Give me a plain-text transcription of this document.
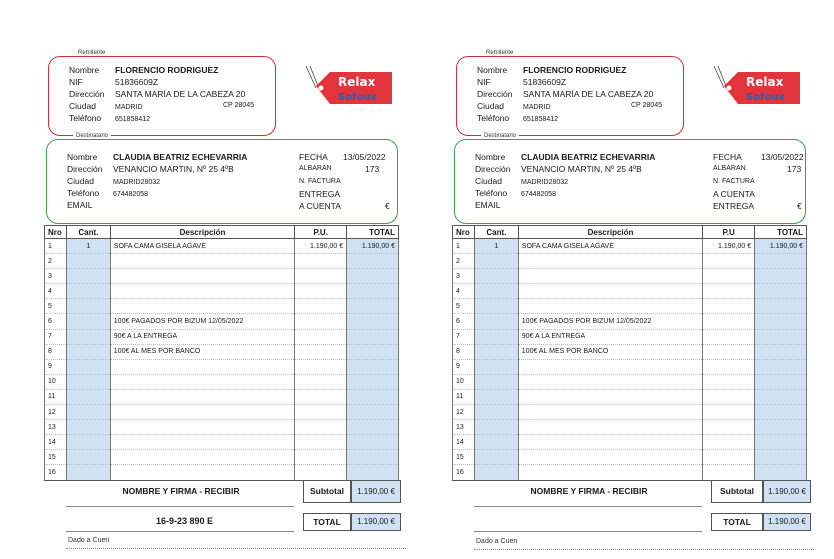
Remitente
Nombre FLORENCIO RODRIGUEZ
NIF	51836609Z
Dirección SANTA MARÍA DE LA CABEZA 20
Ciudad	MADRID	CP 28045
Teléfono 651858412
Relax
Sofoux
Destinatario
Nombre CLAUDIA BEATRIZ ECHEVARRIA
Dirección VENANCIO MARTIN, Nº 25 4ºB
Ciudad	MADRID28032
Teléfono 674482058
EMAIL
FECHA 13/05/2022
ALBARAN	173
N. FACTURA
ENTREGA
A CUENTA	€
Nro	Cant.	Descripción	P.U.	TOTAL
1	1	SOFA CAMA GISELA AGAVE	1.190,00 €	1.190,00 €
2				
3				
4				
5				
6		100€ PAGADOS POR BIZUM 12/05/2022		
7		90€ A LA ENTREGA		
8		100€ AL MES POR BANCO		
9				
10				
11				
12				
13				
14				
15				
16				
NOMBRE Y FIRMA - RECIBIR	Subtotal	1.190,00 €
16-9-23 890 E	TOTAL	1.190,00 €
Dado a Cuen
Remitente
Nombre FLORENCIO RODRIGUEZ
NIF	51836609Z
Dirección SANTA MARÍA DE LA CABEZA 20
Ciudad	MADRID	CP 28045
Teléfono 651858412
Relax
Sofoux
Destinatario
Nombre CLAUDIA BEATRIZ ECHEVARRIA
Dirección VENANCIO MARTIN, Nº 25 4ºB
Ciudad	MADRID28032
Teléfono 674482058
EMAIL
FECHA 13/05/2022
ALBARAN	173
N. FACTURA
A CUENTA
ENTREGA	€
Nro	Cant.	Descripción	P.U	TOTAL
1	1	SOFA CAMA GISELA AGAVE	1.190,00 €	1.190,00 €
2				
3				
4				
5				
6		100€ PAGADOS POR BIZUM 12/05/2022		
7		90€ A LA ENTREGA		
8		100€ AL MES POR BANCO		
9				
10				
11				
12				
13				
14				
15				
16				
NOMBRE Y FIRMA - RECIBIR	Subtotal	1.190,00 €
TOTAL	1.190,00 €
Dado a Cuen
